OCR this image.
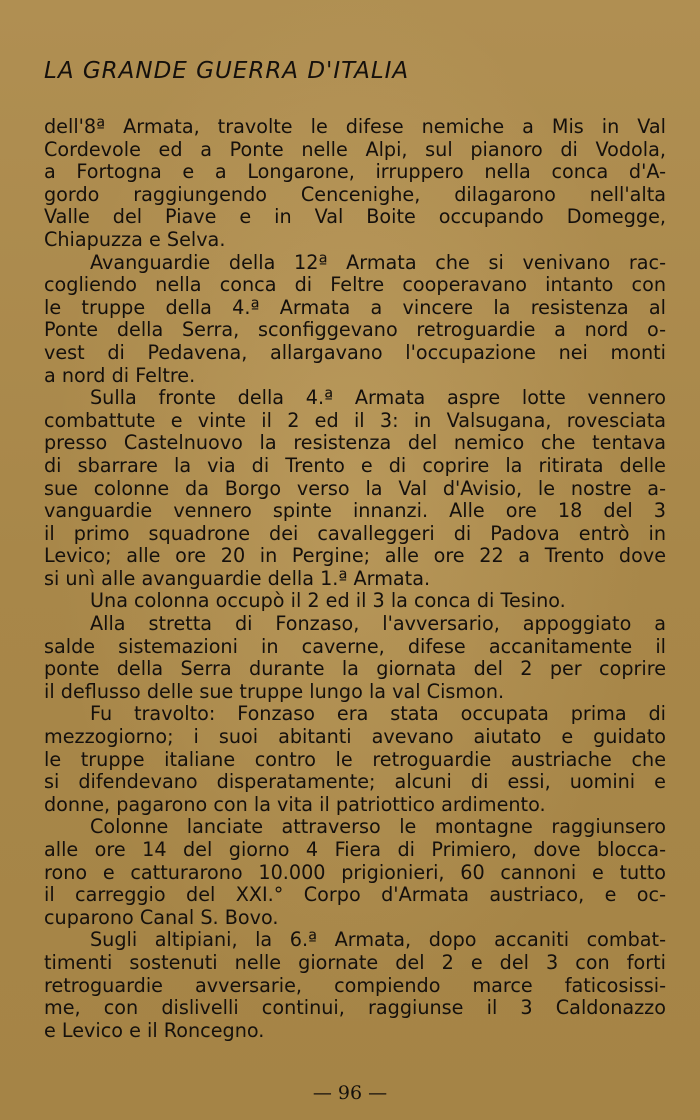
LA GRANDE GUERRA D'ITALIA
dell'8ª Armata, travolte le difese nemiche a Mis in Val
Cordevole ed a Ponte nelle Alpi, sul pianoro di Vodola,
a Fortogna e a Longarone, irruppero nella conca d'A-
gordo raggiungendo Cencenighe, dilagarono nell'alta
Valle del Piave e in Val Boite occupando Domegge,
Chiapuzza e Selva.
Avanguardie della 12ª Armata che si venivano rac-
cogliendo nella conca di Feltre cooperavano intanto con
le truppe della 4.ª Armata a vincere la resistenza al
Ponte della Serra, sconfiggevano retroguardie a nord o-
vest di Pedavena, allargavano l'occupazione nei monti
a nord di Feltre.
Sulla fronte della 4.ª Armata aspre lotte vennero
combattute e vinte il 2 ed il 3: in Valsugana, rovesciata
presso Castelnuovo la resistenza del nemico che tentava
di sbarrare la via di Trento e di coprire la ritirata delle
sue colonne da Borgo verso la Val d'Avisio, le nostre a-
vanguardie vennero spinte innanzi. Alle ore 18 del 3
il primo squadrone dei cavalleggeri di Padova entrò in
Levico; alle ore 20 in Pergine; alle ore 22 a Trento dove
si unì alle avanguardie della 1.ª Armata.
Una colonna occupò il 2 ed il 3 la conca di Tesino.
Alla stretta di Fonzaso, l'avversario, appoggiato a
salde sistemazioni in caverne, difese accanitamente il
ponte della Serra durante la giornata del 2 per coprire
il deflusso delle sue truppe lungo la val Cismon.
Fu travolto: Fonzaso era stata occupata prima di
mezzogiorno; i suoi abitanti avevano aiutato e guidato
le truppe italiane contro le retroguardie austriache che
si difendevano disperatamente; alcuni di essi, uomini e
donne, pagarono con la vita il patriottico ardimento.
Colonne lanciate attraverso le montagne raggiunsero
alle ore 14 del giorno 4 Fiera di Primiero, dove blocca-
rono e catturarono 10.000 prigionieri, 60 cannoni e tutto
il carreggio del XXI.° Corpo d'Armata austriaco, e oc-
cuparono Canal S. Bovo.
Sugli altipiani, la 6.ª Armata, dopo accaniti combat-
timenti sostenuti nelle giornate del 2 e del 3 con forti
retroguardie avversarie, compiendo marce faticosissi-
me, con dislivelli continui, raggiunse il 3 Caldonazzo
e Levico e il Roncegno.
— 96 —
